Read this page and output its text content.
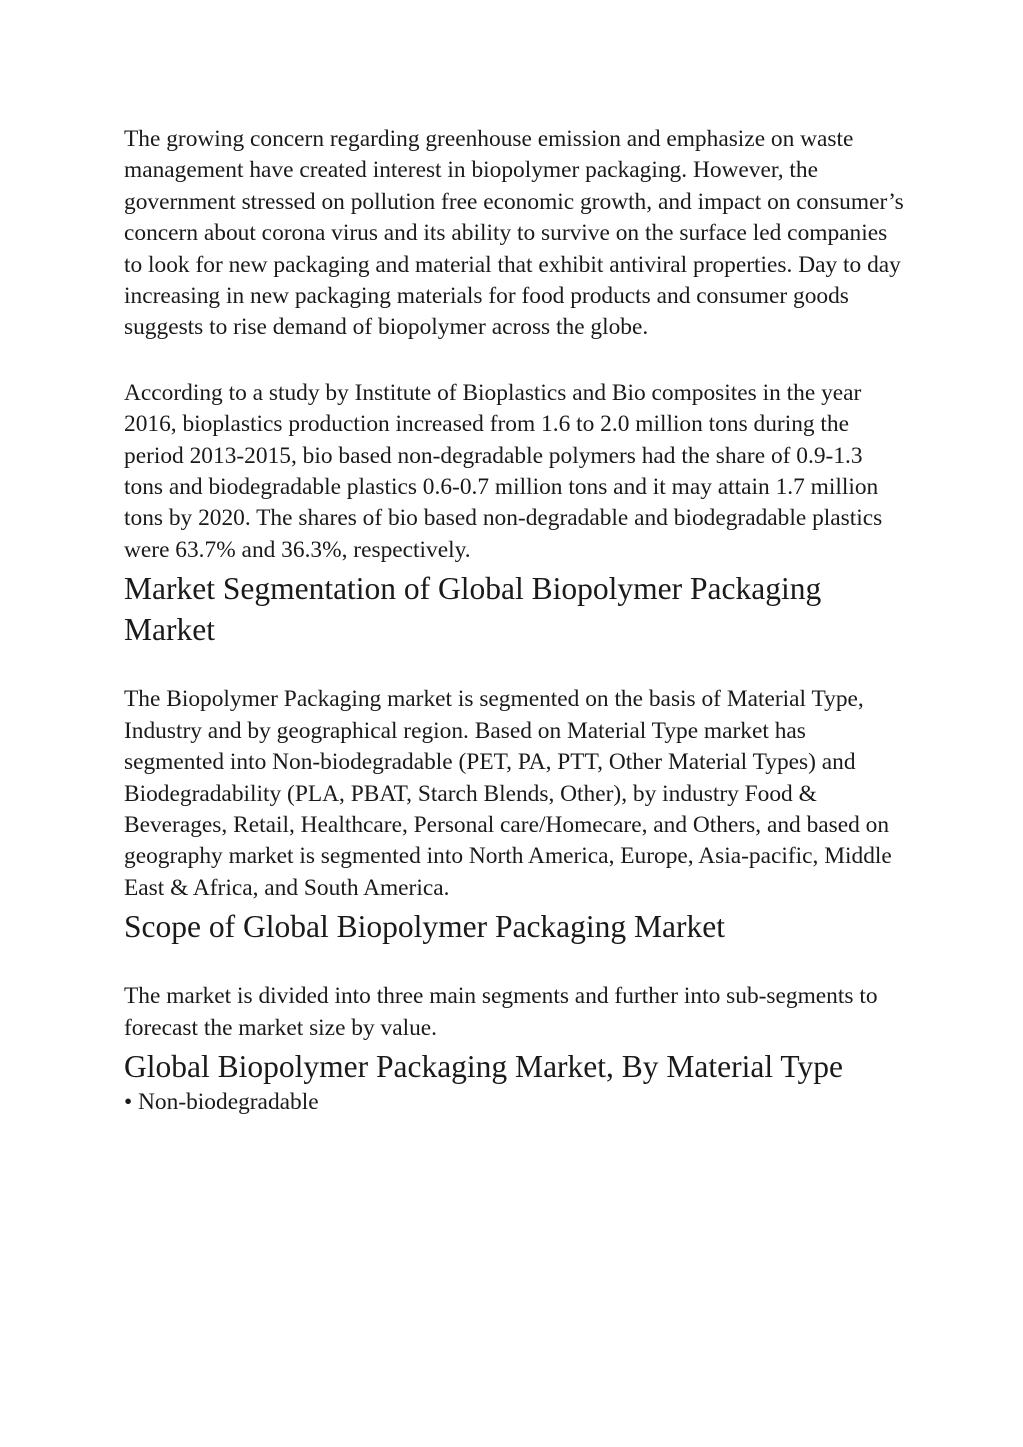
The growing concern regarding greenhouse emission and emphasize on waste management have created interest in biopolymer packaging. However, the government stressed on pollution free economic growth, and impact on consumer’s concern about corona virus and its ability to survive on the surface led companies to look for new packaging and material that exhibit antiviral properties. Day to day increasing in new packaging materials for food products and consumer goods suggests to rise demand of biopolymer across the globe.

According to a study by Institute of Bioplastics and Bio composites in the year 2016, bioplastics production increased from 1.6 to 2.0 million tons during the period 2013-2015, bio based non-degradable polymers had the share of 0.9-1.3 tons and biodegradable plastics 0.6-0.7 million tons and it may attain 1.7 million tons by 2020. The shares of bio based non-degradable and biodegradable plastics were 63.7% and 36.3%, respectively.

Market Segmentation of Global Biopolymer Packaging Market

The Biopolymer Packaging market is segmented on the basis of Material Type, Industry and by geographical region. Based on Material Type market has segmented into Non-biodegradable (PET, PA, PTT, Other Material Types) and Biodegradability (PLA, PBAT, Starch Blends, Other), by industry Food & Beverages, Retail, Healthcare, Personal care/Homecare, and Others, and based on geography market is segmented into North America, Europe, Asia-pacific, Middle East & Africa, and South America.

Scope of Global Biopolymer Packaging Market

The market is divided into three main segments and further into sub-segments to forecast the market size by value.

Global Biopolymer Packaging Market, By Material Type

• Non-biodegradable
